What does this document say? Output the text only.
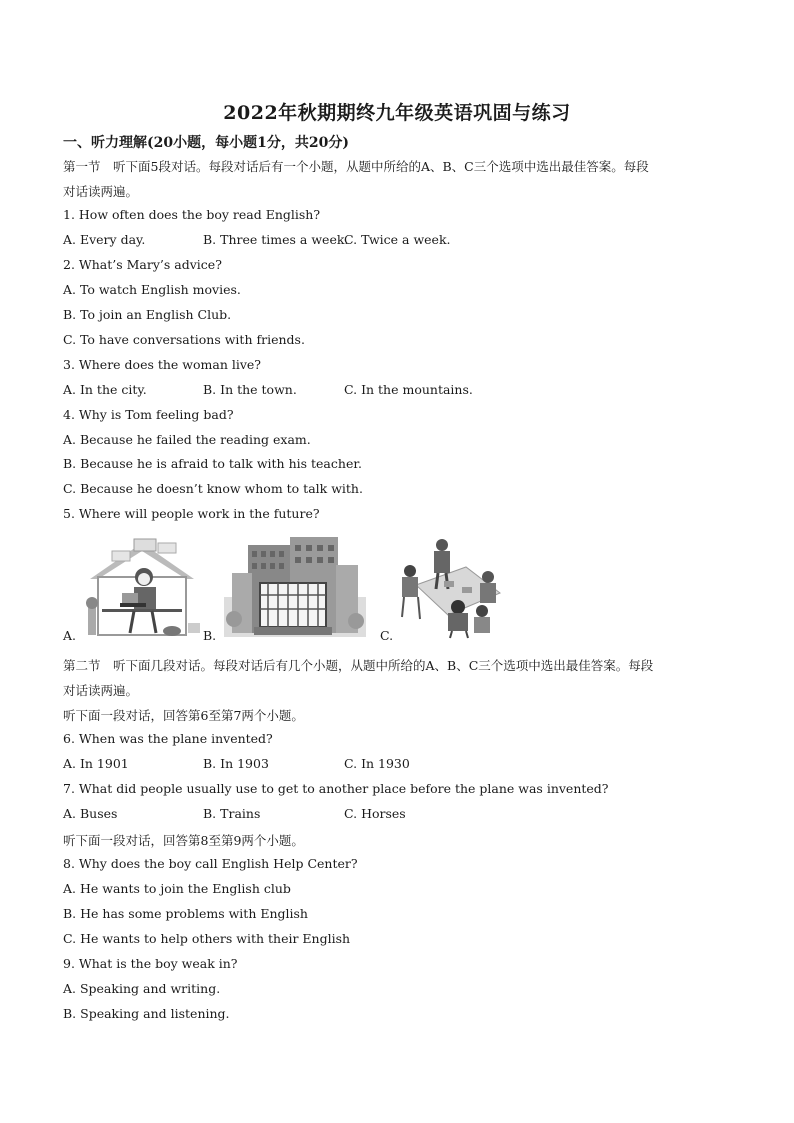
2022年秋期期终九年级英语巩固与练习
一、听力理解(20小题，每小题1分，共20分)
第一节　听下面5段对话。每段对话后有一个小题，从题中所给的A、B、C三个选项中选出最佳答案。每段
对话读两遍。
1. How often does the boy read English?
A. Every day.	B. Three times a week.
C. Twice a week.
2. What’s Mary’s advice?
A. To watch English movies.
B. To join an English Club.
C. To have conversations with friends.
3. Where does the woman live?
A. In the city.	B. In the town.	C. In the mountains.
4. Why is Tom feeling bad?
A. Because he failed the reading exam.
B. Because he is afraid to talk with his teacher.
C. Because he doesn’t know whom to talk with.
5. Where will people work in the future?
A.	B.	C.
第二节　听下面几段对话。每段对话后有几个小题，从题中所给的A、B、C三个选项中选出最佳答案。每段
对话读两遍。
听下面一段对话，回答第6至第7两个小题。
6. When was the plane invented?
A. In 1901	B. In 1903	C. In 1930
7. What did people usually use to get to another place before the plane was invented?
A. Buses	B. Trains	C. Horses
听下面一段对话，回答第8至第9两个小题。
8. Why does the boy call English Help Center?
A. He wants to join the English club
B. He has some problems with English
C. He wants to help others with their English
9. What is the boy weak in?
A. Speaking and writing.
B. Speaking and listening.
